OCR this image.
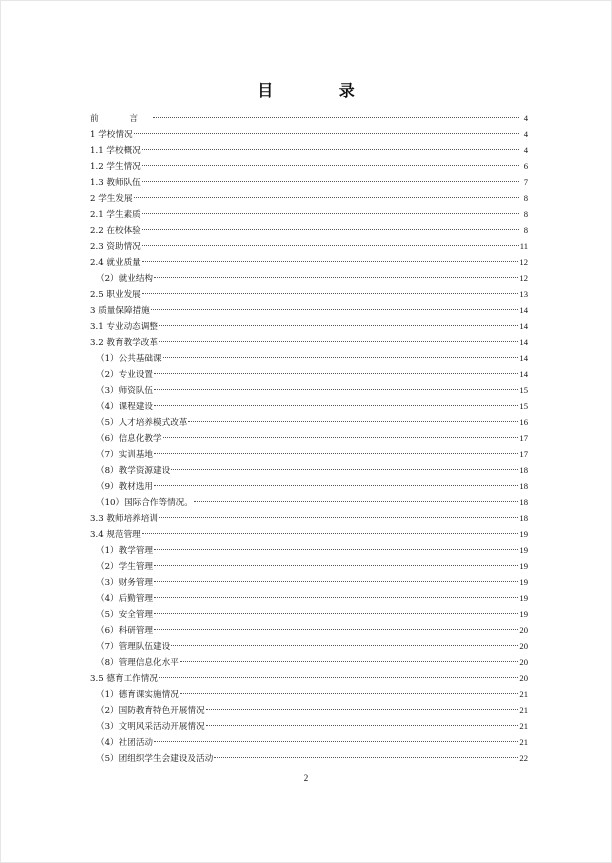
目 录
前 言	4
1 学校情况	4
1.1 学校概况	4
1.2 学生情况	6
1.3 教师队伍	7
2 学生发展	8
2.1 学生素质	8
2.2 在校体验	8
2.3 资助情况	11
2.4 就业质量	12
（2）就业结构	12
2.5 职业发展	13
3 质量保障措施	14
3.1 专业动态调整	14
3.2 教育教学改革	14
（1）公共基础课	14
（2）专业设置	14
（3）师资队伍	15
（4）课程建设	15
（5）人才培养模式改革	16
（6）信息化教学	17
（7）实训基地	17
（8）教学资源建设	18
（9）教材选用	18
（10）国际合作等情况。	18
3.3 教师培养培训	18
3.4 规范管理	19
（1）教学管理	19
（2）学生管理	19
（3）财务管理	19
（4）后勤管理	19
（5）安全管理	19
（6）科研管理	20
（7）管理队伍建设	20
（8）管理信息化水平	20
3.5 德育工作情况	20
（1）德育课实施情况	21
（2）国防教育特色开展情况	21
（3）文明风采活动开展情况	21
（4）社团活动	21
（5）团组织学生会建设及活动	22
2
